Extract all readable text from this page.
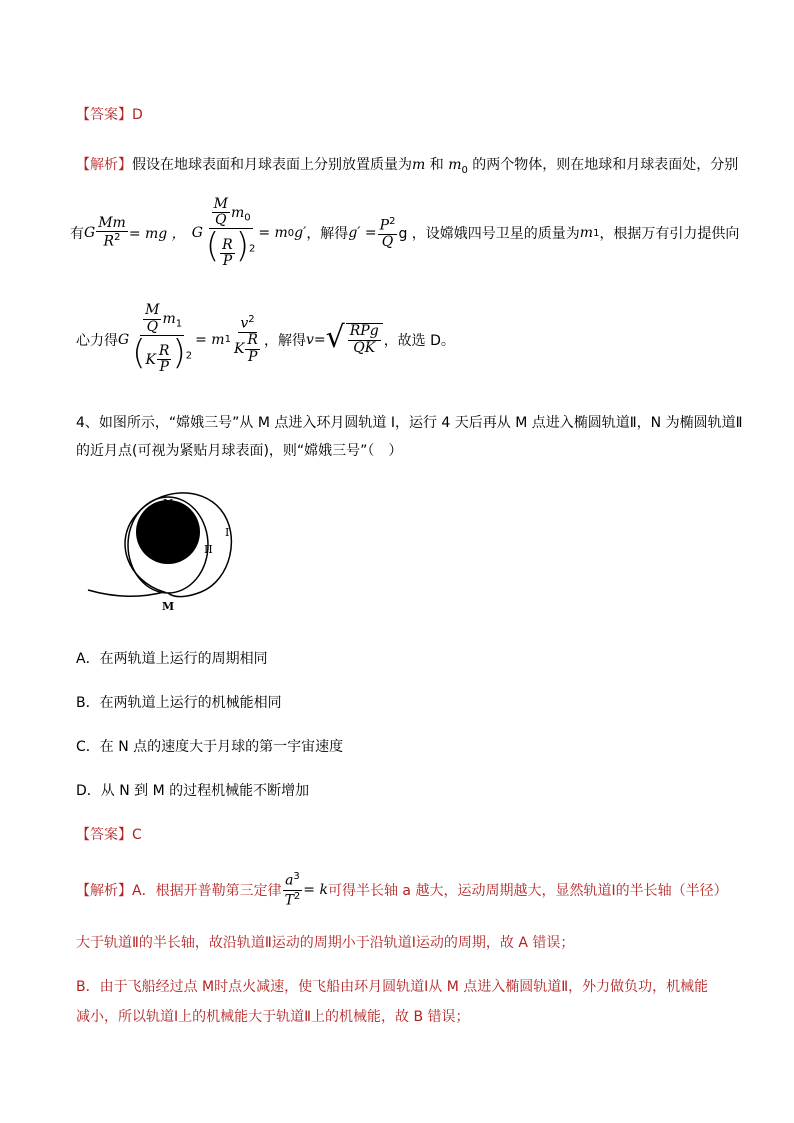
【答案】D
【解析】假设在地球表面和月球表面上分别放置质量为m 和 $m_0$ 的两个物体，则在地球和月球表面处，分别
有 G $\frac{Mm}{R^2}$ = mg ， G $\frac{\frac{M}{Q} m_0}{( \frac{R}{P} )^2} = m$ 0 g′ ，解得 $g' = \frac{P^2}{Q}$ g ，设嫦娥四号卫星的质量为 m 1 ，根据万有引力提供向
心力得 G $\frac{\frac{M}{Q} m_1}{(K \frac{R}{P} )^2} = m$ $1 \frac{v^2}{K \frac{R}{P}}$ ，解得 v = √ $\frac{\text{RPg}}{QK}$ ，故选 D。
4、如图所示，“嫦娥三号”从 M 点进入环月圆轨道 I，运行 4 天后再从 M 点进入椭圆轨道Ⅱ，N 为椭圆轨道Ⅱ
的近月点(可视为紧贴月球表面)，则“嫦娥三号”（　）
N
M
I
II
A．在两轨道上运行的周期相同
B．在两轨道上运行的机械能相同
C．在 N 点的速度大于月球的第一宇宙速度
D．从 N 到 M 的过程机械能不断增加
【答案】C
【解析】 A．根据开普勒第三定律 $\frac{a^3}{T^2} = k$ 可得半长轴 a 越大，运动周期越大，显然轨道Ⅰ的半长轴（半径）
大于轨道Ⅱ的半长轴，故沿轨道Ⅱ运动的周期小于沿轨道Ⅰ运动的周期，故 A 错误；
B．由于飞船经过点 M时点火减速，使飞船由环月圆轨道Ⅰ从 M 点进入椭圆轨道Ⅱ，外力做负功，机械能
减小，所以轨道Ⅰ上的机械能大于轨道Ⅱ上的机械能，故 B 错误；
